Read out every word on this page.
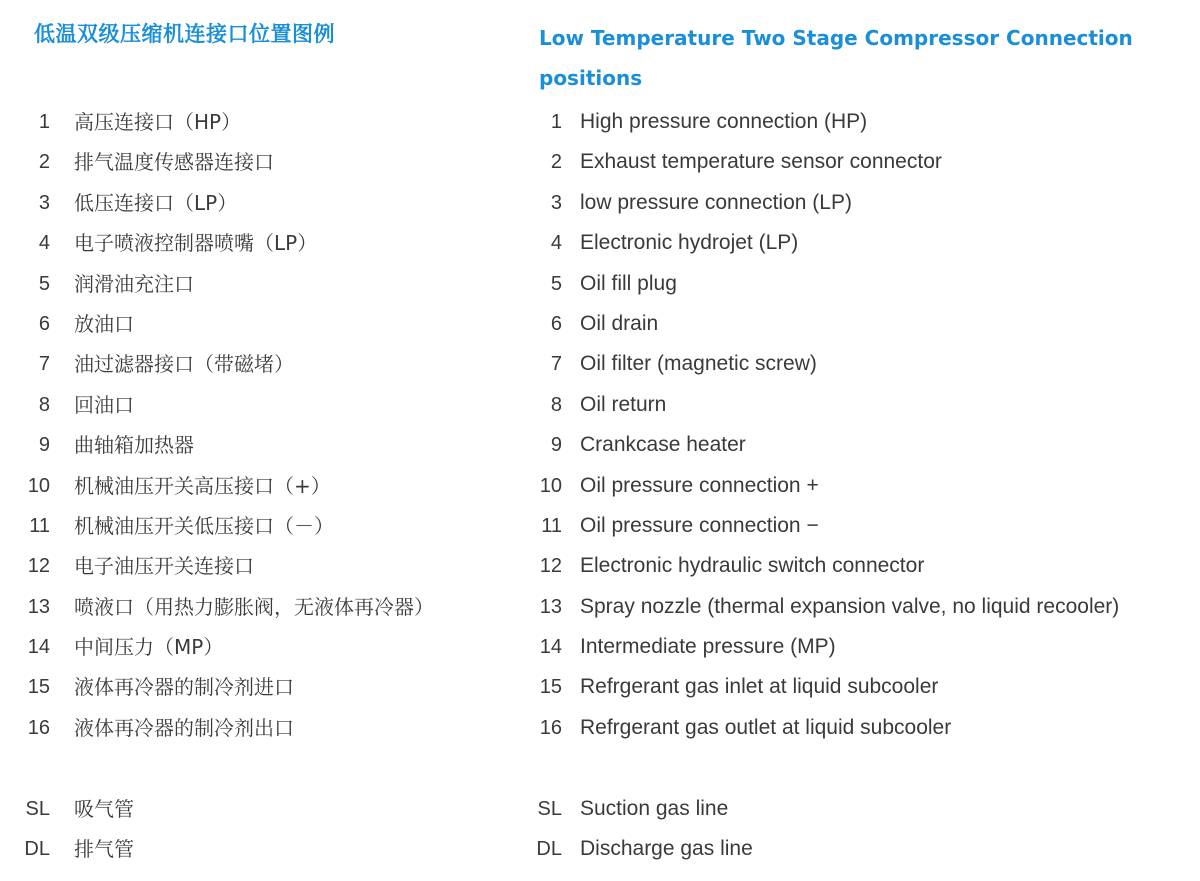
低温双级压缩机连接口位置图例
1 高压连接口（HP）
2 排气温度传感器连接口
3 低压连接口（LP）
4 电子喷液控制器喷嘴（LP）
5 润滑油充注口
6 放油口
7 油过滤器接口（带磁堵）
8 回油口
9 曲轴箱加热器
10 机械油压开关高压接口（+）
11 机械油压开关低压接口（－）
12 电子油压开关连接口
13 喷液口（用热力膨胀阀，无液体再冷器）
14 中间压力（MP）
15 液体再冷器的制冷剂进口
16 液体再冷器的制冷剂出口
SL 吸气管
DL 排气管
Low Temperature Two Stage Compressor Connection positions
1 High pressure connection (HP)
2 Exhaust temperature sensor connector
3 low pressure connection (LP)
4 Electronic hydrojet (LP)
5 Oil fill plug
6 Oil drain
7 Oil filter (magnetic screw)
8 Oil return
9 Crankcase heater
10 Oil pressure connection +
11 Oil pressure connection −
12 Electronic hydraulic switch connector
13 Spray nozzle (thermal expansion valve, no liquid recooler)
14 Intermediate pressure (MP)
15 Refrgerant gas inlet at liquid subcooler
16 Refrgerant gas outlet at liquid subcooler
SL Suction gas line
DL Discharge gas line
